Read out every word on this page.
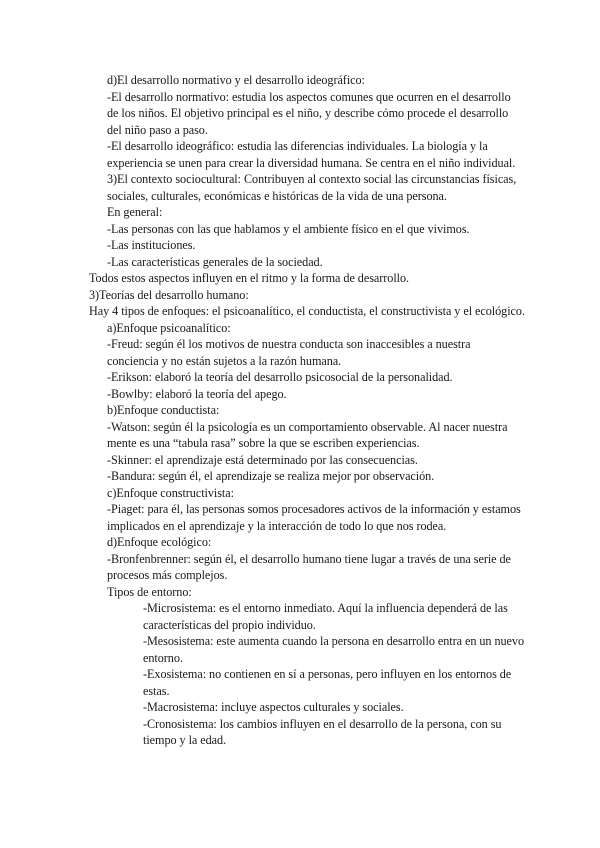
d)El desarrollo normativo y el desarrollo ideográfico:
-El desarrollo normativo: estudia los aspectos comunes que ocurren en el desarrollo
de los niños. El objetivo principal es el niño, y describe cómo procede el desarrollo
del niño paso a paso.
-El desarrollo ideográfico: estudia las diferencias individuales. La biología y la
experiencia se unen para crear la diversidad humana. Se centra en el niño individual.
3)El contexto sociocultural: Contribuyen al contexto social las circunstancias físicas,
sociales, culturales, económicas e históricas de la vida de una persona.
En general:
-Las personas con las que hablamos y el ambiente físico en el que vivimos.
-Las instituciones.
-Las características generales de la sociedad.
Todos estos aspectos influyen en el ritmo y la forma de desarrollo.
3)Teorías del desarrollo humano:
Hay 4 tipos de enfoques: el psicoanalítico, el conductista, el constructivista y el ecológico.
a)Enfoque psicoanalítico:
-Freud: según él los motivos de nuestra conducta son inaccesibles a nuestra
conciencia y no están sujetos a la razón humana.
-Erikson: elaboró la teoría del desarrollo psicosocial de la personalidad.
-Bowlby: elaboró la teoría del apego.
b)Enfoque conductista:
-Watson: según él la psicología es un comportamiento observable. Al nacer nuestra
mente es una “tabula rasa” sobre la que se escriben experiencias.
-Skinner: el aprendizaje está determinado por las consecuencias.
-Bandura: según él, el aprendizaje se realiza mejor por observación.
c)Enfoque constructivista:
-Piaget: para él, las personas somos procesadores activos de la información y estamos
implicados en el aprendizaje y la interacción de todo lo que nos rodea.
d)Enfoque ecológico:
-Bronfenbrenner: según él, el desarrollo humano tiene lugar a través de una serie de
procesos más complejos.
Tipos de entorno:
-Microsistema: es el entorno inmediato. Aquí la influencia dependerá de las
características del propio individuo.
-Mesosistema: este aumenta cuando la persona en desarrollo entra en un nuevo
entorno.
-Exosistema: no contienen en sí a personas, pero influyen en los entornos de
estas.
-Macrosistema: incluye aspectos culturales y sociales.
-Cronosistema: los cambios influyen en el desarrollo de la persona, con su
tiempo y la edad.
